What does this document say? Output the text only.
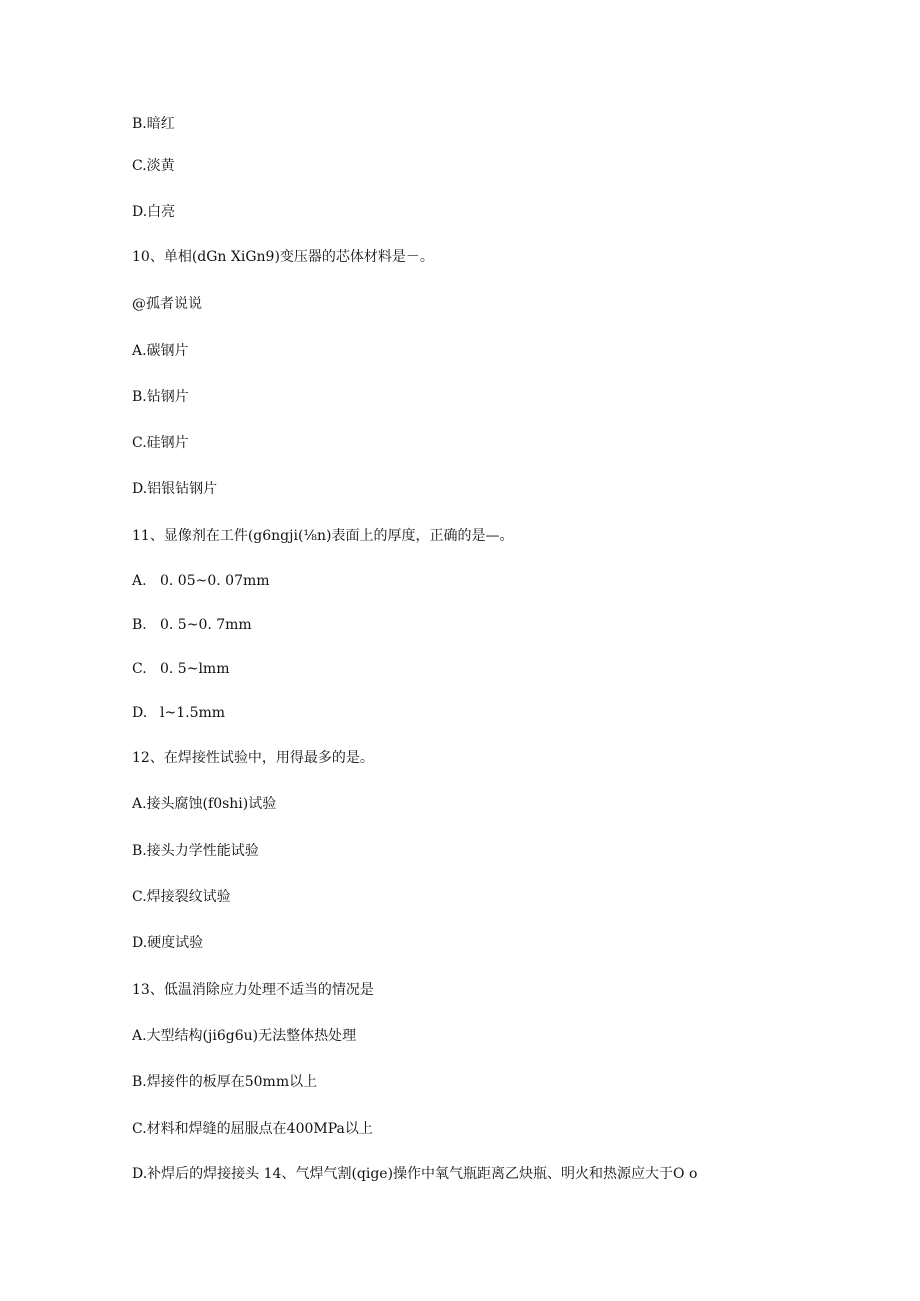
B.暗红
C.淡黄
D.白亮
10、单相(dGn XiGn9)变压器的芯体材料是－。
@孤者说说
A.碳钢片
B.钻钢片
C.硅钢片
D.铝银钻钢片
11、显像剂在工件(g6ngji(⅛n)表面上的厚度，正确的是—。
A. 0. 05~0. 07mm
B. 0. 5~0. 7mm
C. 0. 5~lmm
D. l~1.5mm
12、在焊接性试验中，用得最多的是。
A.接头腐蚀(f0shi)试验
B.接头力学性能试验
C.焊接裂纹试验
D.硬度试验
13、低温消除应力处理不适当的情况是
A.大型结构(ji6g6u)无法整体热处理
B.焊接件的板厚在50mm以上
C.材料和焊缝的屈服点在400MPa以上
D.补焊后的焊接接头 14、气焊气割(qige)操作中氧气瓶距离乙炔瓶、明火和热源应大于O o
